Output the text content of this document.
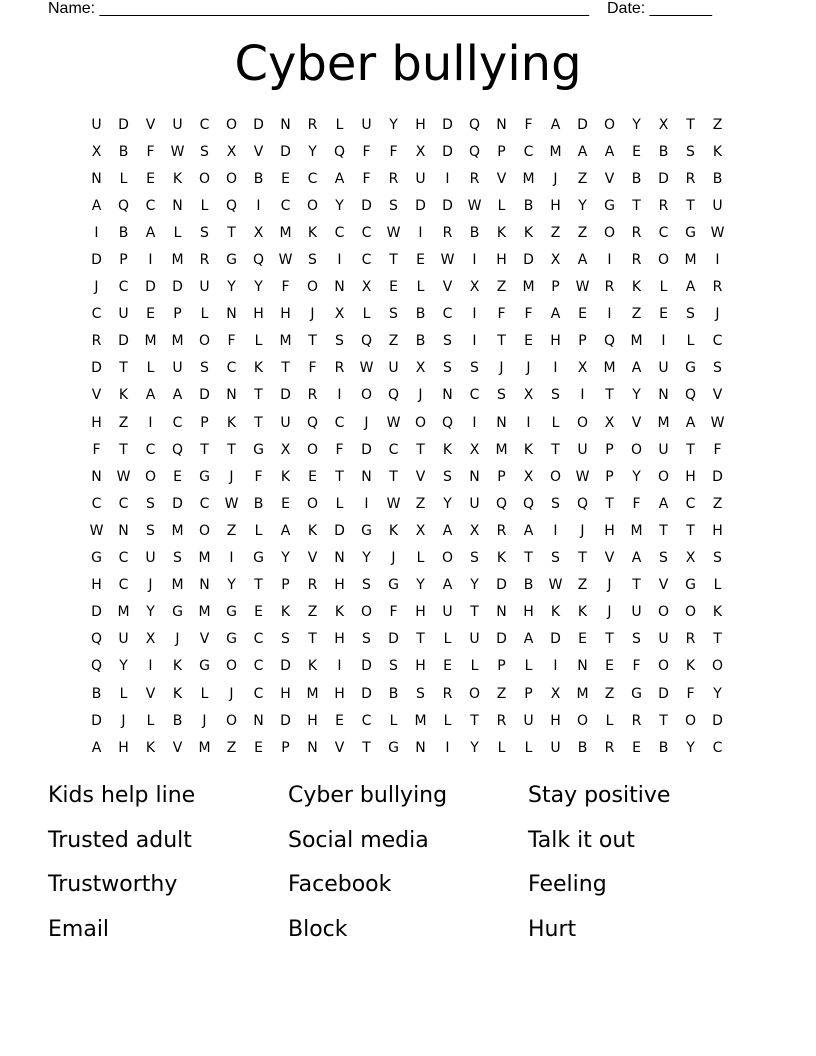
Name: _______________________________________________________ Date: _______
Cyber bullying
U	D	V	U	C	O	D	N	R	L	U	Y	H	D	Q	N	F	A	D	O	Y	X	T	Z
X	B	F	W	S	X	V	D	Y	Q	F	F	X	D	Q	P	C	M	A	A	E	B	S	K
N	L	E	K	O	O	B	E	C	A	F	R	U	I	R	V	M	J	Z	V	B	D	R	B
A	Q	C	N	L	Q	I	C	O	Y	D	S	D	D	W	L	B	H	Y	G	T	R	T	U
I	B	A	L	S	T	X	M	K	C	C	W	I	R	B	K	K	Z	Z	O	R	C	G	W
D	P	I	M	R	G	Q	W	S	I	C	T	E	W	I	H	D	X	A	I	R	O	M	I
J	C	D	D	U	Y	Y	F	O	N	X	E	L	V	X	Z	M	P	W	R	K	L	A	R
C	U	E	P	L	N	H	H	J	X	L	S	B	C	I	F	F	A	E	I	Z	E	S	J
R	D	M	M	O	F	L	M	T	S	Q	Z	B	S	I	T	E	H	P	Q	M	I	L	C
D	T	L	U	S	C	K	T	F	R	W	U	X	S	S	J	J	I	X	M	A	U	G	S
V	K	A	A	D	N	T	D	R	I	O	Q	J	N	C	S	X	S	I	T	Y	N	Q	V
H	Z	I	C	P	K	T	U	Q	C	J	W	O	Q	I	N	I	L	O	X	V	M	A	W
F	T	C	Q	T	T	G	X	O	F	D	C	T	K	X	M	K	T	U	P	O	U	T	F
N	W	O	E	G	J	F	K	E	T	N	T	V	S	N	P	X	O	W	P	Y	O	H	D
C	C	S	D	C	W	B	E	O	L	I	W	Z	Y	U	Q	Q	S	Q	T	F	A	C	Z
W	N	S	M	O	Z	L	A	K	D	G	K	X	A	X	R	A	I	J	H	M	T	T	H
G	C	U	S	M	I	G	Y	V	N	Y	J	L	O	S	K	T	S	T	V	A	S	X	S
H	C	J	M	N	Y	T	P	R	H	S	G	Y	A	Y	D	B	W	Z	J	T	V	G	L
D	M	Y	G	M	G	E	K	Z	K	O	F	H	U	T	N	H	K	K	J	U	O	O	K
Q	U	X	J	V	G	C	S	T	H	S	D	T	L	U	D	A	D	E	T	S	U	R	T
Q	Y	I	K	G	O	C	D	K	I	D	S	H	E	L	P	L	I	N	E	F	O	K	O
B	L	V	K	L	J	C	H	M	H	D	B	S	R	O	Z	P	X	M	Z	G	D	F	Y
D	J	L	B	J	O	N	D	H	E	C	L	M	L	T	R	U	H	O	L	R	T	O	D
A	H	K	V	M	Z	E	P	N	V	T	G	N	I	Y	L	L	U	B	R	E	B	Y	C
Kids help line	Cyber bullying	Stay positive
Trusted adult	Social media	Talk it out
Trustworthy	Facebook	Feeling
Email	Block	Hurt
